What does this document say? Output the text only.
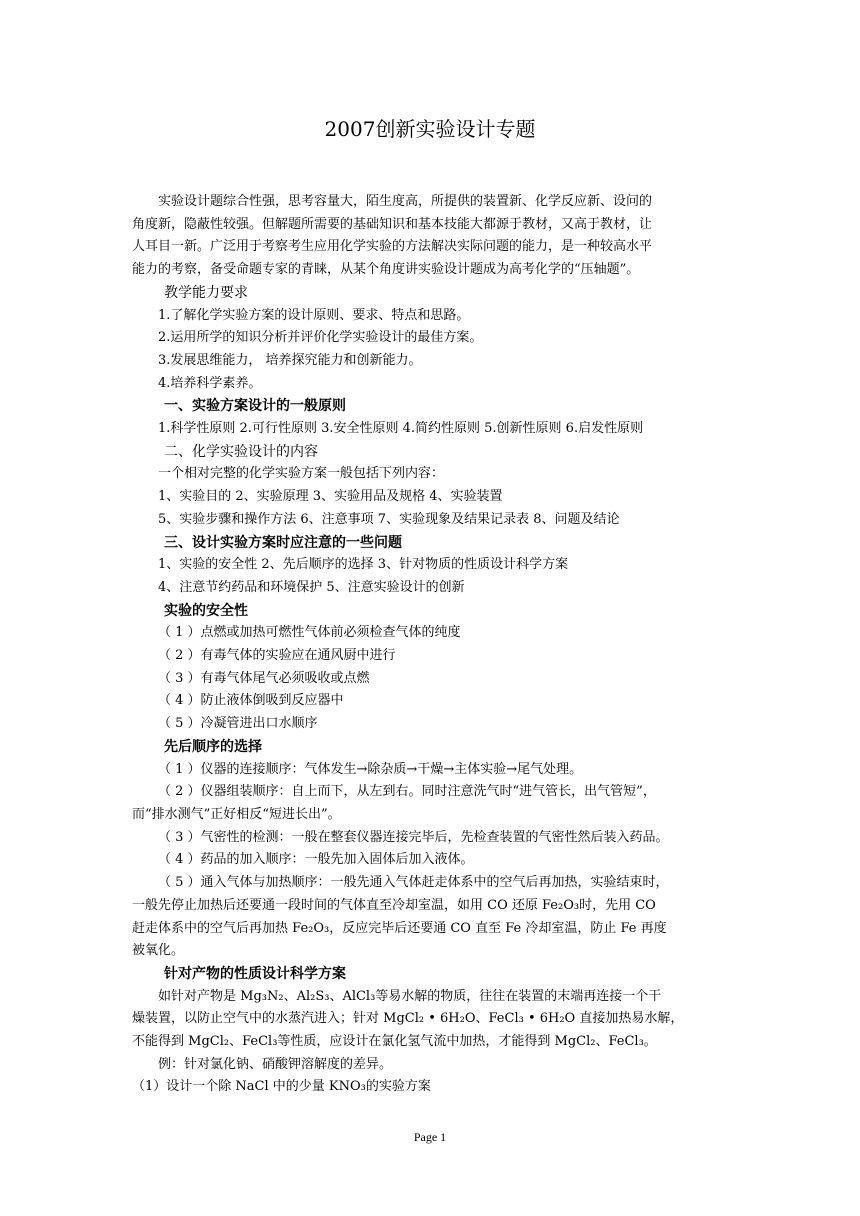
2007创新实验设计专题

实验设计题综合性强，思考容量大，陌生度高，所提供的装置新、化学反应新、设问的

角度新，隐蔽性较强。但解题所需要的基础知识和基本技能大都源于教材，又高于教材，让

人耳目一新。广泛用于考察考生应用化学实验的方法解决实际问题的能力，是一种较高水平

能力的考察，备受命题专家的青睐，从某个角度讲实验设计题成为高考化学的“压轴题”。

教学能力要求

1.了解化学实验方案的设计原则、要求、特点和思路。

2.运用所学的知识分析并评价化学实验设计的最佳方案。

3.发展思维能力， 培养探究能力和创新能力。

4.培养科学素养。

一、实验方案设计的一般原则

1.科学性原则 2.可行性原则 3.安全性原则 4.简约性原则 5.创新性原则 6.启发性原则

二、化学实验设计的内容

一个相对完整的化学实验方案一般包括下列内容：

1、实验目的 2、实验原理 3、实验用品及规格 4、实验装置

5、实验步骤和操作方法 6、注意事项 7、实验现象及结果记录表 8、问题及结论

三、设计实验方案时应注意的一些问题

1、实验的安全性 2、先后顺序的选择 3、针对物质的性质设计科学方案

4、注意节约药品和环境保护 5、注意实验设计的创新

实验的安全性

（ 1 ）点燃或加热可燃性气体前必须检查气体的纯度

（ 2 ）有毒气体的实验应在通风厨中进行

（ 3 ）有毒气体尾气必须吸收或点燃

（ 4 ）防止液体倒吸到反应器中

（ 5 ）冷凝管进出口水顺序

先后顺序的选择

（ 1 ）仪器的连接顺序：气体发生→除杂质→干燥→主体实验→尾气处理。

（ 2 ）仪器组装顺序：自上而下，从左到右。同时注意洗气时“进气管长，出气管短”，

而“排水测气”正好相反“短进长出”。

（ 3 ）气密性的检测：一般在整套仪器连接完毕后，先检查装置的气密性然后装入药品。

（ 4 ）药品的加入顺序：一般先加入固体后加入液体。

（ 5 ）通入气体与加热顺序：一般先通入气体赶走体系中的空气后再加热，实验结束时，

一般先停止加热后还要通一段时间的气体直至冷却室温，如用 CO 还原 Fe₂O₃时，先用 CO

赶走体系中的空气后再加热 Fe₂O₃，反应完毕后还要通 CO 直至 Fe 冷却室温，防止 Fe 再度

被氧化。

针对产物的性质设计科学方案

如针对产物是 Mg₃N₂、Al₂S₃、AlCl₃等易水解的物质，往往在装置的末端再连接一个干

燥装置，以防止空气中的水蒸汽进入；针对 MgCl₂ • 6H₂O、FeCl₃ • 6H₂O 直接加热易水解，

不能得到 MgCl₂、FeCl₃等性质，应设计在氯化氢气流中加热，才能得到 MgCl₂、FeCl₃。

例：针对氯化钠、硝酸钾溶解度的差异。

（1）设计一个除 NaCl 中的少量 KNO₃的实验方案

Page 1
